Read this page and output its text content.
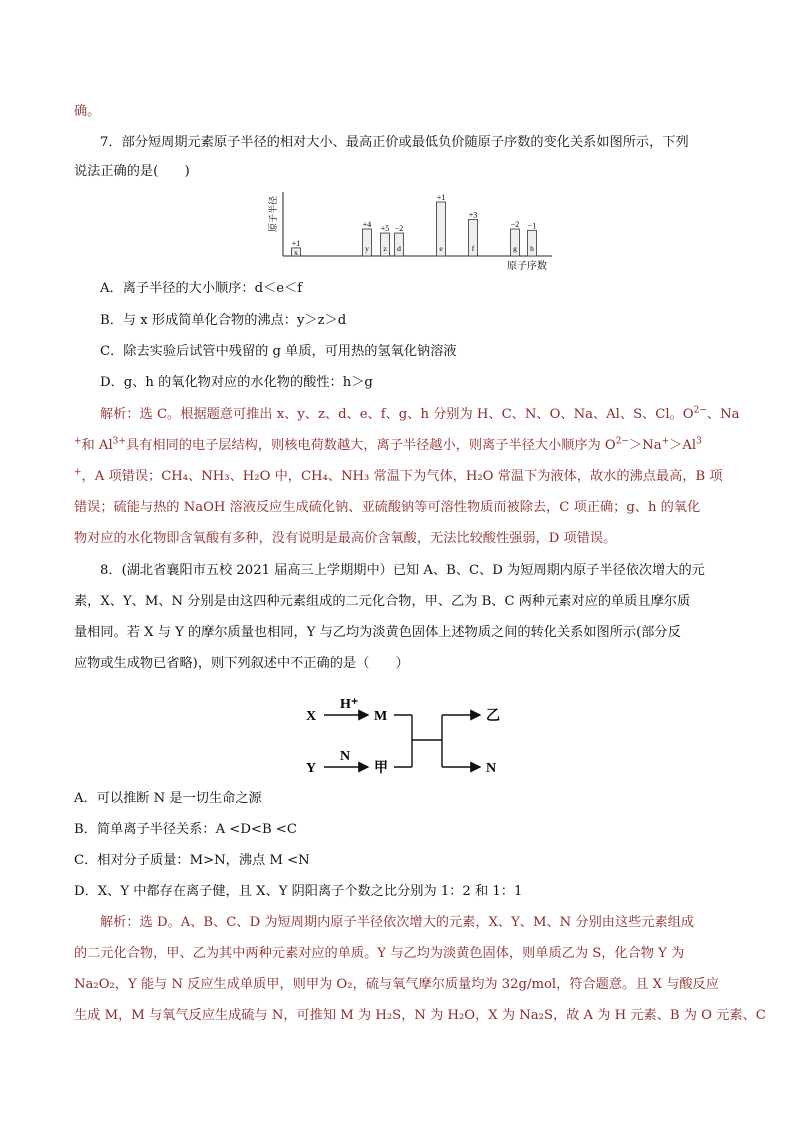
确。
7．部分短周期元素原子半径的相对大小、最高正价或最低负价随原子序数的变化关系如图所示，下列
说法正确的是(　　)
原子半径
原子序数
x
+1
y
+4
z
+5
d
−2
e
+1
f
+3
g
−2
h
−1
A．离子半径的大小顺序：d＜e＜f
B．与 x 形成简单化合物的沸点：y＞z＞d
C．除去实验后试管中残留的 g 单质，可用热的氢氧化钠溶液
D．g、h 的氧化物对应的水化物的酸性：h＞g
解析：选 C。根据题意可推出 x、y、z、d、e、f、g、h 分别为 H、C、N、O、Na、Al、S、Cl。$O^{2-}$、Na
+和 $Al^{3+}$具有相同的电子层结构，则核电荷数越大，离子半径越小，则离子半径大小顺序为 $O^{2-}>Na^+>Al^3$
+，A 项错误；CH₄、NH₃、H₂O 中，CH₄、NH₃ 常温下为气体，H₂O 常温下为液体，故水的沸点最高，B 项
错误；硫能与热的 NaOH 溶液反应生成硫化钠、亚硫酸钠等可溶性物质而被除去，C 项正确；g、h 的氧化
物对应的水化物即含氧酸有多种，没有说明是最高价含氧酸，无法比较酸性强弱，D 项错误。
8．(湖北省襄阳市五校 2021 届高三上学期期中）已知 A、B、C、D 为短周期内原子半径依次增大的元
素，X、Y、M、N 分别是由这四种元素组成的二元化合物，甲、乙为 B、C 两种元素对应的单质且摩尔质
量相同。若 X 与 Y 的摩尔质量也相同，Y 与乙均为淡黄色固体上述物质之间的转化关系如图所示(部分反
应物或生成物已省略)，则下列叙述中不正确的是（　　）
X
H⁺
M
Y
N
甲
乙
N
A．可以推断 N 是一切生命之源
B．简单离子半径关系：A <D<B <C
C．相对分子质量：M>N，沸点 M <N
D．X、Y 中都存在离子健，且 X、Y 阴阳离子个数之比分别为 1：2 和 1：1
解析：选 D。A、B、C、D 为短周期内原子半径依次增大的元素，X、Y、M、N 分别由这些元素组成
的二元化合物，甲、乙为其中两种元素对应的单质。Y 与乙均为淡黄色固体，则单质乙为 S，化合物 Y 为
Na₂O₂，Y 能与 N 反应生成单质甲，则甲为 O₂，硫与氧气摩尔质量均为 32g/mol，符合题意。且 X 与酸反应
生成 M，M 与氧气反应生成硫与 N，可推知 M 为 H₂S，N 为 H₂O，X 为 Na₂S，故 A 为 H 元素、B 为 O 元素、C
